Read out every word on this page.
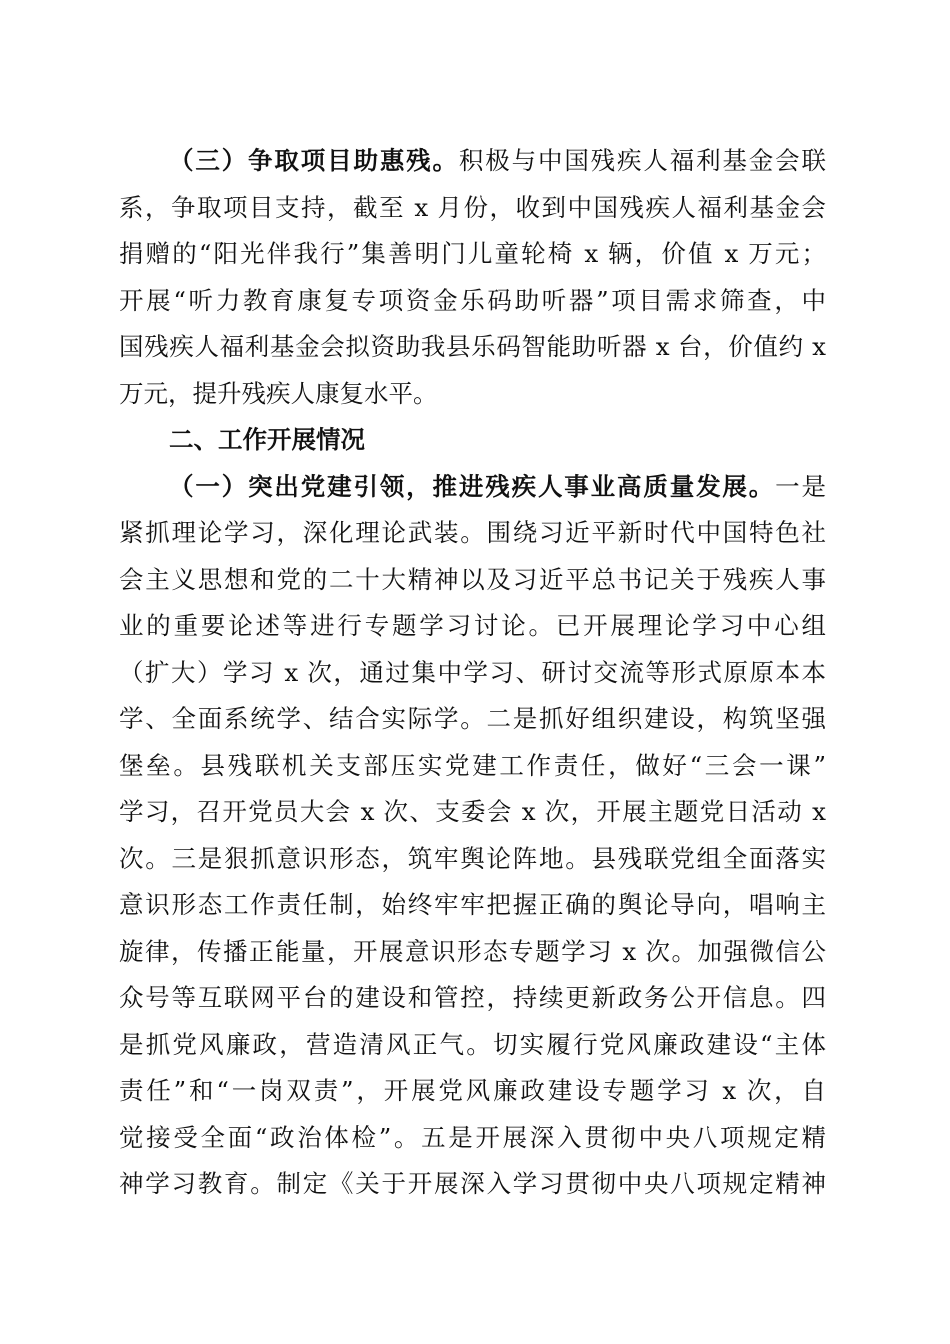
（三）争取项目助惠残。积极与中国残疾人福利基金会联
系，争取项目支持，截至 x 月份，收到中国残疾人福利基金会
捐赠的“阳光伴我行”集善明门儿童轮椅 x 辆，价值 x 万元；
开展“听力教育康复专项资金乐码助听器”项目需求筛查，中
国残疾人福利基金会拟资助我县乐码智能助听器 x 台，价值约 x
万元，提升残疾人康复水平。
二、工作开展情况
（一）突出党建引领，推进残疾人事业高质量发展。一是
紧抓理论学习，深化理论武装。围绕习近平新时代中国特色社
会主义思想和党的二十大精神以及习近平总书记关于残疾人事
业的重要论述等进行专题学习讨论。已开展理论学习中心组
（扩大）学习 x 次，通过集中学习、研讨交流等形式原原本本
学、全面系统学、结合实际学。二是抓好组织建设，构筑坚强
堡垒。县残联机关支部压实党建工作责任，做好“三会一课”
学习，召开党员大会 x 次、支委会 x 次，开展主题党日活动 x
次。三是狠抓意识形态，筑牢舆论阵地。县残联党组全面落实
意识形态工作责任制，始终牢牢把握正确的舆论导向，唱响主
旋律，传播正能量，开展意识形态专题学习 x 次。加强微信公
众号等互联网平台的建设和管控，持续更新政务公开信息。四
是抓党风廉政，营造清风正气。切实履行党风廉政建设“主体
责任”和“一岗双责”，开展党风廉政建设专题学习 x 次，自
觉接受全面“政治体检”。五是开展深入贯彻中央八项规定精
神学习教育。制定《关于开展深入学习贯彻中央八项规定精神
